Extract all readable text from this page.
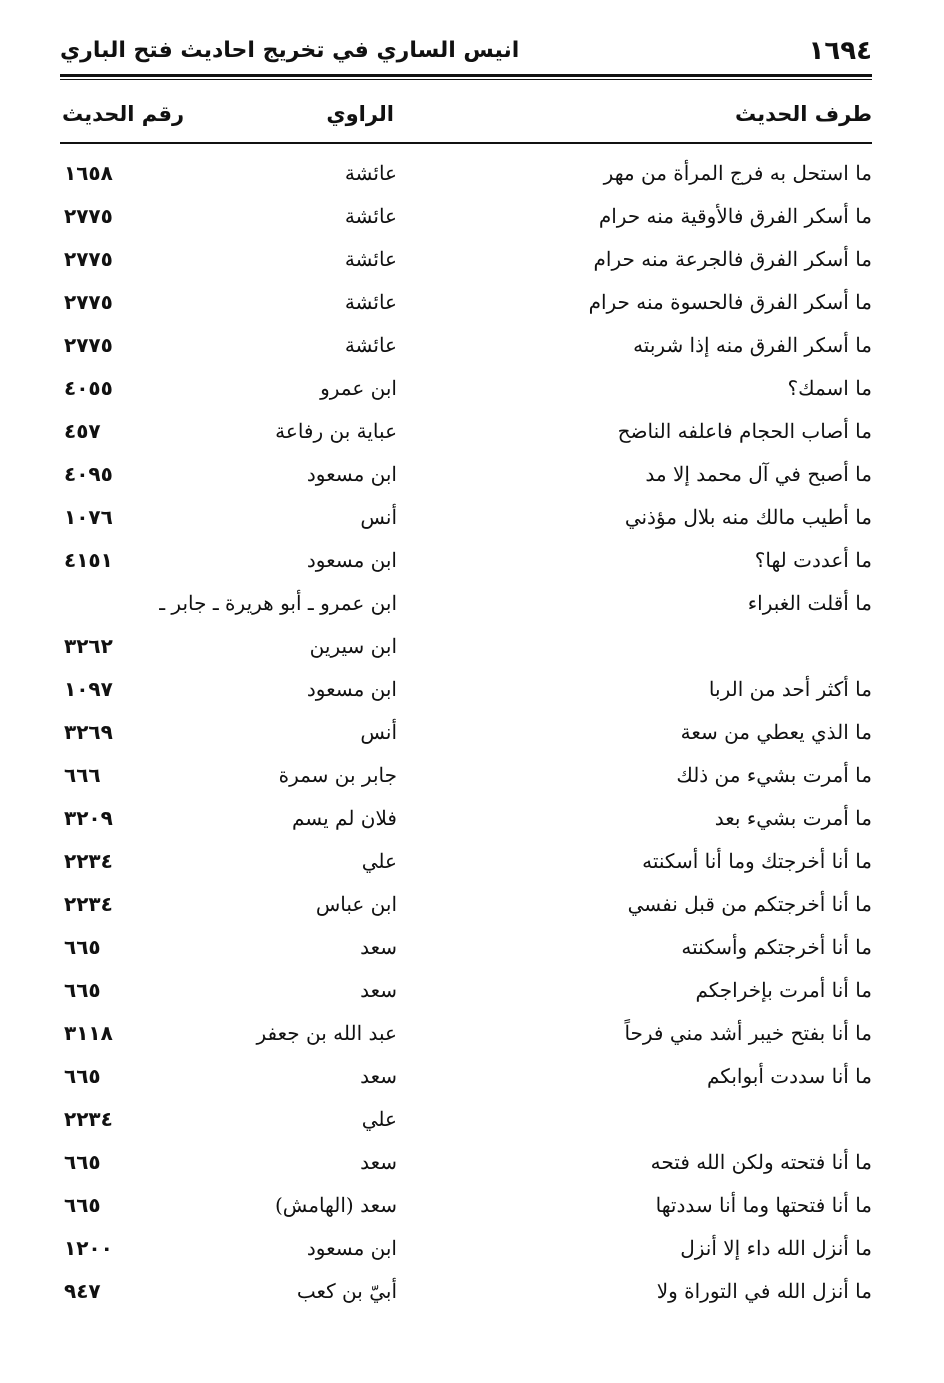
١٦٩٤
انيس الساري في تخريج احاديث فتح الباري
طرف الحديث
الراوي
رقم الحديث
ما استحل به فرج المرأة من مهر
عائشة
١٦٥٨
ما أسكر الفرق فالأوقية منه حرام
عائشة
٢٧٧٥
ما أسكر الفرق فالجرعة منه حرام
عائشة
٢٧٧٥
ما أسكر الفرق فالحسوة منه حرام
عائشة
٢٧٧٥
ما أسكر الفرق منه إذا شربته
عائشة
٢٧٧٥
ما اسمك؟
ابن عمرو
٤٠٥٥
ما أصاب الحجام فاعلفه الناضح
عباية بن رفاعة
٤٥٧
ما أصبح في آل محمد إلا مد
ابن مسعود
٤٠٩٥
ما أطيب مالك منه بلال مؤذني
أنس
١٠٧٦
ما أعددت لها؟
ابن مسعود
٤١٥١
ما أقلت الغبراء
ابن عمرو ـ أبو هريرة ـ جابر ـ
ابن سيرين
٣٢٦٢
ما أكثر أحد من الربا
ابن مسعود
١٠٩٧
ما الذي يعطي من سعة
أنس
٣٢٦٩
ما أمرت بشيء من ذلك
جابر بن سمرة
٦٦٦
ما أمرت بشيء بعد
فلان لم يسم
٣٢٠٩
ما أنا أخرجتك وما أنا أسكنته
علي
٢٢٣٤
ما أنا أخرجتكم من قبل نفسي
ابن عباس
٢٢٣٤
ما أنا أخرجتكم وأسكنته
سعد
٦٦٥
ما أنا أمرت بإخراجكم
سعد
٦٦٥
ما أنا بفتح خيبر أشد مني فرحاً
عبد الله بن جعفر
٣١١٨
ما أنا سددت أبوابكم
سعد
٦٦٥
علي
٢٢٣٤
ما أنا فتحته ولكن الله فتحه
سعد
٦٦٥
ما أنا فتحتها وما أنا سددتها
سعد (الهامش)
٦٦٥
ما أنزل الله داء إلا أنزل
ابن مسعود
١٢٠٠
ما أنزل الله في التوراة ولا
أبيّ بن كعب
٩٤٧
